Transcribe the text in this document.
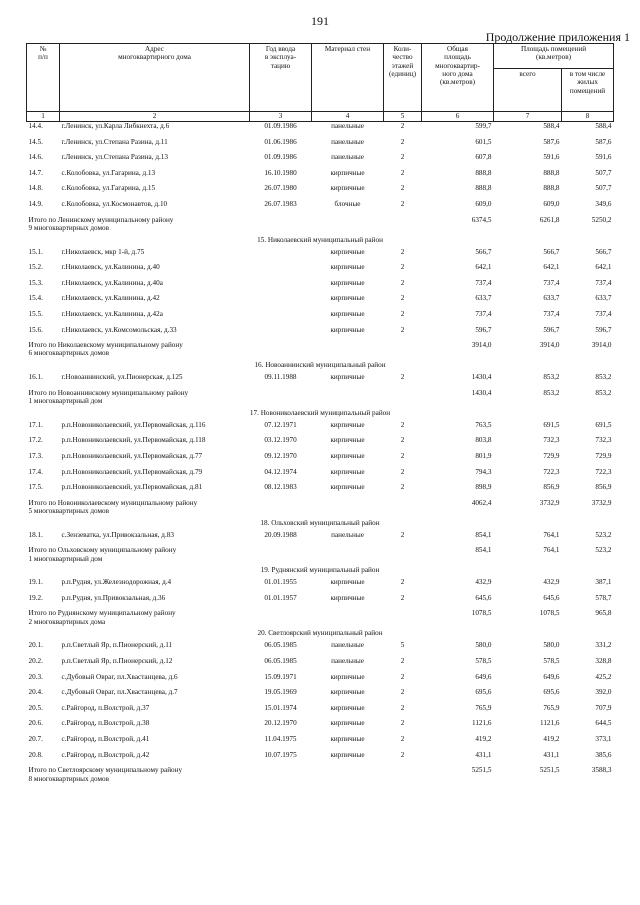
191
Продолжение приложения 1
№
п/п	Адрес
многоквартирного дома	Год ввода
в эксплуа-
тацию	Материал стен	Коли-
чество
этажей
(единиц)	Общая
площадь
многоквартир-
ного дома
(кв.метров)	Площадь помещений
(кв.метров)	
						всего	в том числе
жилых
помещений
1	2	3	4	5	6	7	8
14.4.	г.Ленинск, ул.Карла Либкнехта, д.6	01.09.1986	панельные	2	599,7	588,4	588,4
14.5.	г.Ленинск, ул.Степана Разина, д.11	01.06.1986	панельные	2	601,5	587,6	587,6
14.6.	г.Ленинск, ул.Степана Разина, д.13	01.09.1986	панельные	2	607,8	591,6	591,6
14.7.	с.Колобовка, ул.Гагарина, д.13	16.10.1980	кирпичные	2	888,8	888,8	507,7
14.8.	с.Колобовка, ул.Гагарина, д.15	26.07.1980	кирпичные	2	888,8	888,8	507,7
14.9.	с.Колобовка, ул.Космонавтов, д.10	26.07.1983	блочные	2	609,0	609,0	349,6

Итого по Ленинскому муниципальному району
9 многоквартирных домов					6374,5	6261,8	5250,2
15. Николаевский муниципальный район							
15.1.	г.Николаевск, мкр 1-й, д.75		кирпичные	2	566,7	566,7	566,7
15.2.	г.Николаевск, ул.Калинина, д.40		кирпичные	2	642,1	642,1	642,1
15.3.	г.Николаевск, ул.Калинина, д.40а		кирпичные	2	737,4	737,4	737,4
15.4.	г.Николаевск, ул.Калинина, д.42		кирпичные	2	633,7	633,7	633,7
15.5.	г.Николаевск, ул.Калинина, д.42а		кирпичные	2	737,4	737,4	737,4
15.6.	г.Николаевск, ул.Комсомольская, д.33		кирпичные	2	596,7	596,7	596,7

Итого по Николаевскому муниципальному району
6 многоквартирных домов					3914,0	3914,0	3914,0
16. Новоаннинский муниципальный район							
16.1.	г.Новоаннинский, ул.Пионерская, д.125	09.11.1988	кирпичные	2	1430,4	853,2	853,2

Итого по Новоаннинскому муниципальному району
1 многоквартирный дом					1430,4	853,2	853,2
17. Новониколаевский муниципальный район							
17.1.	р.п.Новониколаевский, ул.Первомайская, д.116	07.12.1971	кирпичные	2	763,5	691,5	691,5
17.2.	р.п.Новониколаевский, ул.Первомайская, д.118	03.12.1970	кирпичные	2	803,8	732,3	732,3
17.3.	р.п.Новониколаевский, ул.Первомайская, д.77	09.12.1970	кирпичные	2	801,9	729,9	729,9
17.4.	р.п.Новониколаевский, ул.Первомайская, д.79	04.12.1974	кирпичные	2	794,3	722,3	722,3
17.5.	р.п.Новониколаевский, ул.Первомайская, д.81	08.12.1983	кирпичные	2	898,9	856,9	856,9

Итого по Новониколаевскому муниципальному району
5 многоквартирных домов					4062,4	3732,9	3732,9
18. Ольховский муниципальный район							
18.1.	с.Зензеватка, ул.Привокзальная, д.83	20.09.1988	панельные	2	854,1	764,1	523,2

Итого по Ольховскому муниципальному району
1 многоквартирный дом					854,1	764,1	523,2
19. Руднянский муниципальный район							
19.1.	р.п.Рудня, ул.Железнодорожная, д.4	01.01.1955	кирпичные	2	432,9	432,9	387,1
19.2.	р.п.Рудня, ул.Привокзальная, д.36	01.01.1957	кирпичные	2	645,6	645,6	578,7

Итого по Руднянскому муниципальному району
2 многоквартирных дома					1078,5	1078,5	965,8
20. Светлоярский муниципальный район							
20.1.	р.п.Светлый Яр, п.Пионерский, д.11	06.05.1985	панельные	5	580,0	580,0	331,2
20.2.	р.п.Светлый Яр, п.Пионерский, д.12	06.05.1985	панельные	2	578,5	578,5	328,8
20.3.	с.Дубовый Овраг, пл.Хвастанцева, д.6	15.09.1971	кирпичные	2	649,6	649,6	425,2
20.4.	с.Дубовый Овраг, пл.Хвастанцева, д.7	19.05.1969	кирпичные	2	695,6	695,6	392,0
20.5.	с.Райгород, п.Волстрой, д.37	15.01.1974	кирпичные	2	765,9	765,9	707,9
20.6.	с.Райгород, п.Волстрой, д.38	20.12.1970	кирпичные	2	1121,6	1121,6	644,5
20.7.	с.Райгород, п.Волстрой, д.41	11.04.1975	кирпичные	2	419,2	419,2	373,1
20.8.	с.Райгород, п.Волстрой, д.42	10.07.1975	кирпичные	2	431,1	431,1	385,6

Итого по Светлоярскому муниципальному району
8 многоквартирных домов					5251,5	5251,5	3588,3
